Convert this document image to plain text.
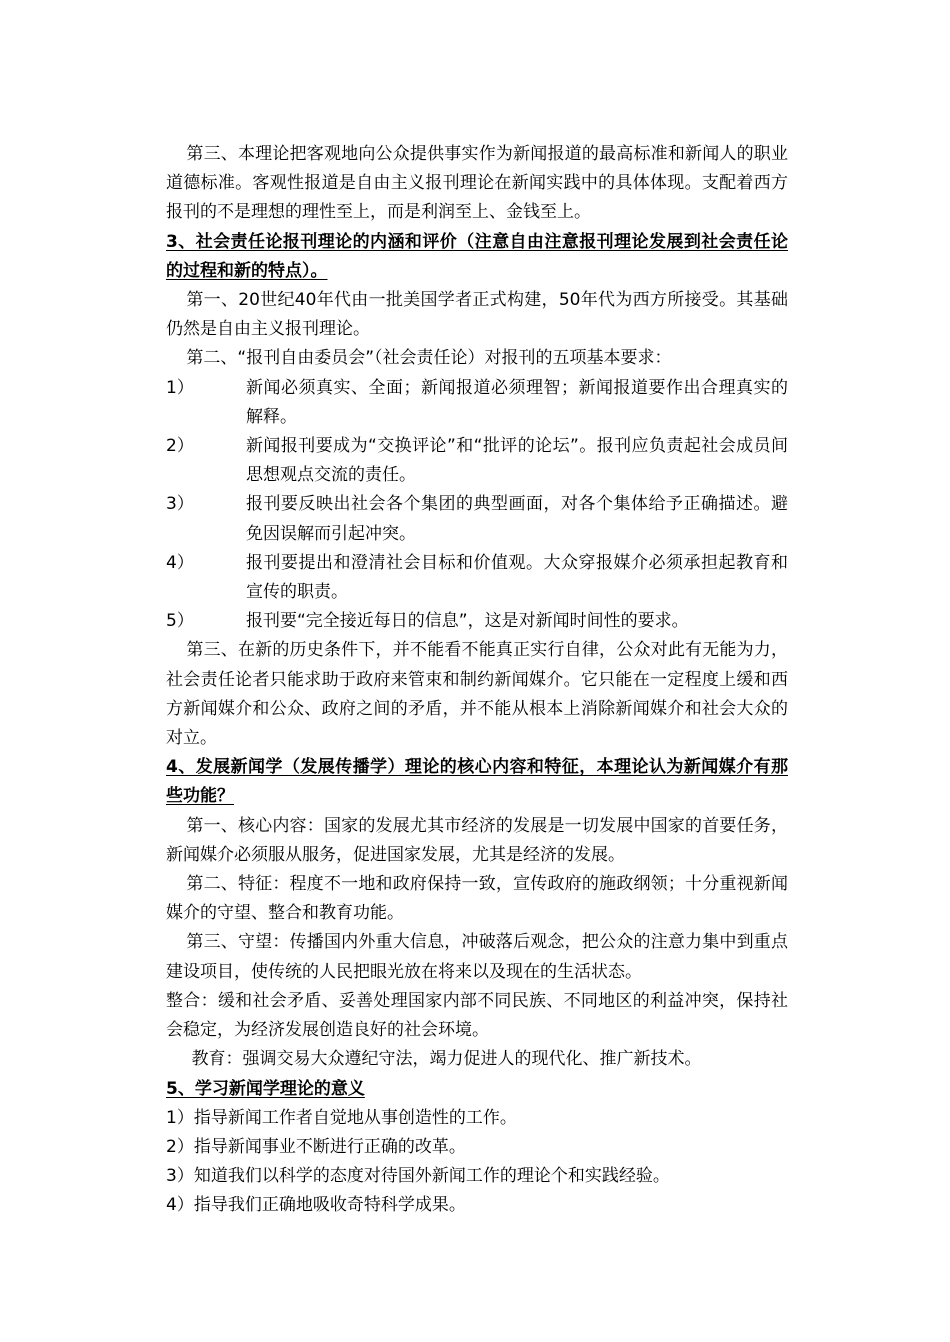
第三、本理论把客观地向公众提供事实作为新闻报道的最高标准和新闻人的职业道德标准。客观性报道是自由主义报刊理论在新闻实践中的具体体现。支配着西方报刊的不是理想的理性至上，而是利润至上、金钱至上。

3、社会责任论报刊理论的内涵和评价（注意自由注意报刊理论发展到社会责任论的过程和新的特点）。

第一、20世纪40年代由一批美国学者正式构建，50年代为西方所接受。其基础仍然是自由主义报刊理论。

第二、“报刊自由委员会”（社会责任论）对报刊的五项基本要求：

1）	新闻必须真实、全面；新闻报道必须理智；新闻报道要作出合理真实的解释。
2）	新闻报刊要成为“交换评论”和“批评的论坛”。报刊应负责起社会成员间思想观点交流的责任。
3）	报刊要反映出社会各个集团的典型画面，对各个集体给予正确描述。避免因误解而引起冲突。
4）	报刊要提出和澄清社会目标和价值观。大众穿报媒介必须承担起教育和宣传的职责。
5）	报刊要“完全接近每日的信息”，这是对新闻时间性的要求。

第三、在新的历史条件下，并不能看不能真正实行自律，公众对此有无能为力，社会责任论者只能求助于政府来管束和制约新闻媒介。它只能在一定程度上缓和西方新闻媒介和公众、政府之间的矛盾，并不能从根本上消除新闻媒介和社会大众的对立。

4、发展新闻学（发展传播学）理论的核心内容和特征，本理论认为新闻媒介有那些功能？

第一、核心内容：国家的发展尤其市经济的发展是一切发展中国家的首要任务，新闻媒介必须服从服务，促进国家发展，尤其是经济的发展。

第二、特征：程度不一地和政府保持一致，宣传政府的施政纲领；十分重视新闻媒介的守望、整合和教育功能。

第三、守望：传播国内外重大信息，冲破落后观念，把公众的注意力集中到重点建设项目，使传统的人民把眼光放在将来以及现在的生活状态。

整合：缓和社会矛盾、妥善处理国家内部不同民族、不同地区的利益冲突，保持社会稳定，为经济发展创造良好的社会环境。

教育：强调交易大众遵纪守法，竭力促进人的现代化、推广新技术。

5、学习新闻学理论的意义

1）指导新闻工作者自觉地从事创造性的工作。

2）指导新闻事业不断进行正确的改革。

3）知道我们以科学的态度对待国外新闻工作的理论个和实践经验。

4）指导我们正确地吸收奇特科学成果。
